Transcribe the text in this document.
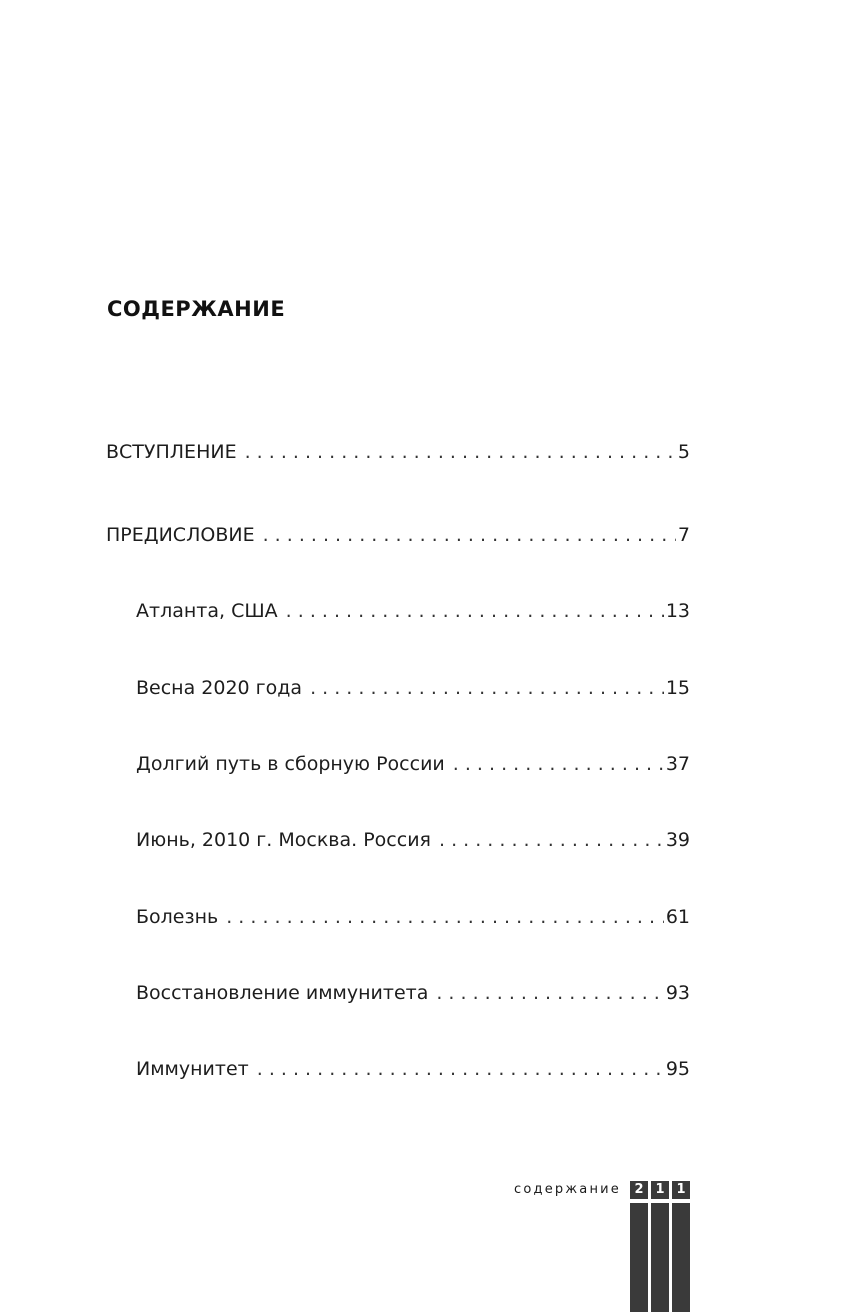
СОДЕРЖАНИЕ
ВСТУПЛЕНИЕ . . .	5
ПРЕДИСЛОВИЕ . . .	7
Атланта, США . . .	13
Весна 2020 года . . .	15
Долгий путь в сборную России . . .	37
Июнь, 2010 г. Москва. Россия . . .	39
Болезнь . . .	61
Восстановление иммунитета . . .	93
Иммунитет . . .	95
содержание	2 1 1
